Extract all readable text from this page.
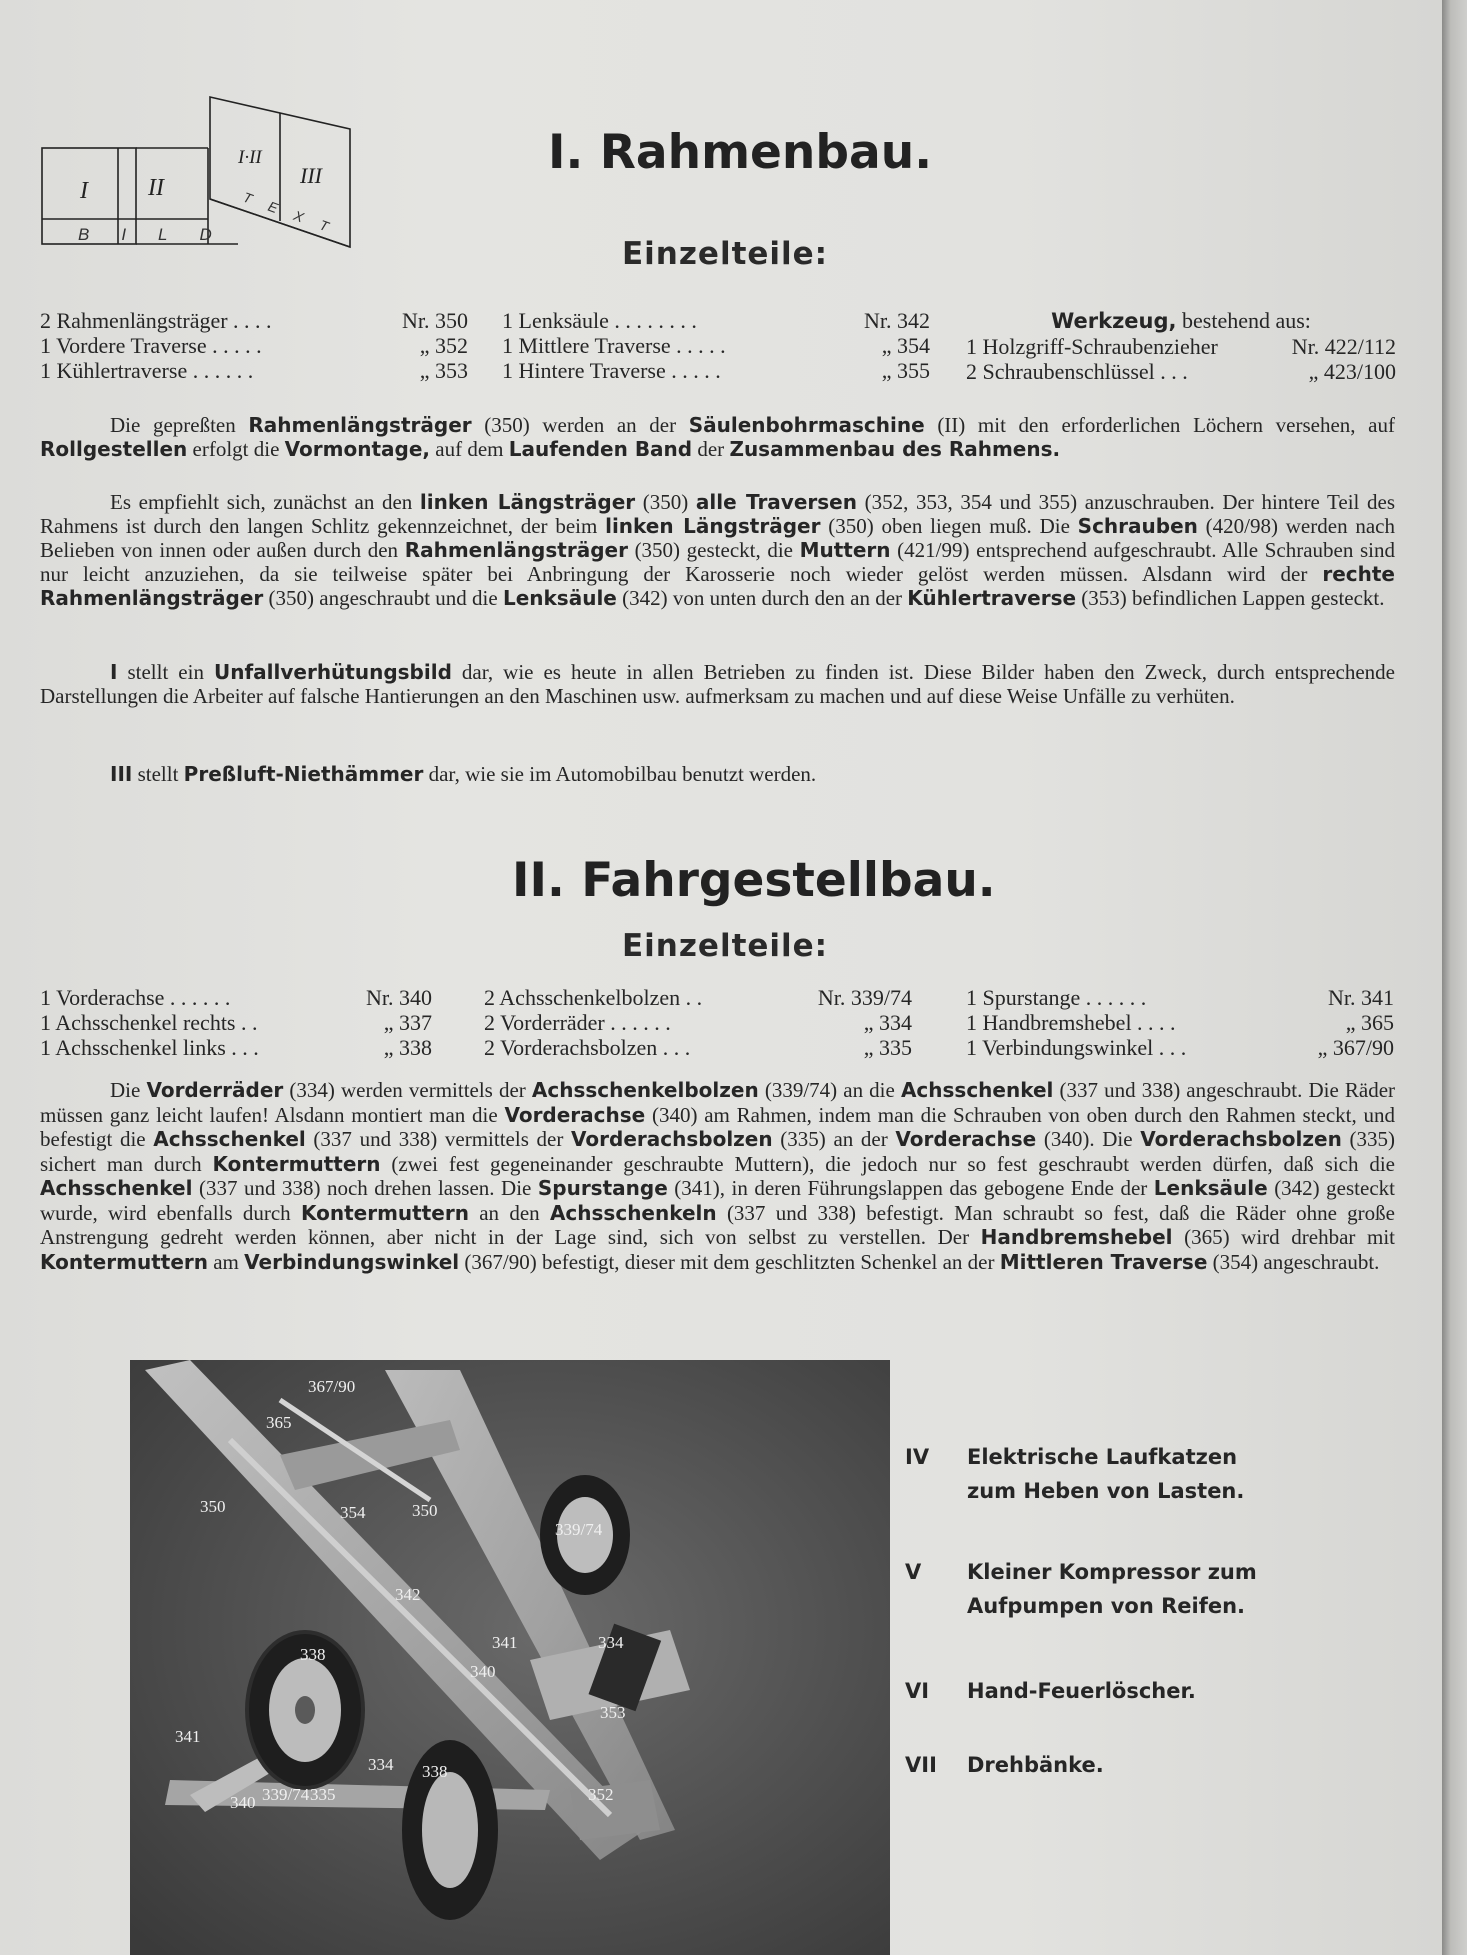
I	II
I·II
III
BILD
TEXT
I. Rahmenbau.
Einzelteile:
2 Rahmenlängsträger . . . .	Nr. 350
1 Vordere Traverse . . . . .	„ 352
1 Kühlertraverse . . . . . .	„ 353
1 Lenksäule . . . . . . . .	Nr. 342
1 Mittlere Traverse . . . . .	„ 354
1 Hintere Traverse . . . . .	„ 355
Werkzeug, bestehend aus:
1 Holzgriff-Schraubenzieher	Nr. 422/112
2 Schraubenschlüssel . . .	„ 423/100
Die gepreßten Rahmenlängsträger (350) werden an der Säulenbohrmaschine (II) mit den erforderlichen Löchern versehen, auf Rollgestellen erfolgt die Vormontage, auf dem Laufenden Band der Zusammenbau des Rahmens.
Es empfiehlt sich, zunächst an den linken Längsträger (350) alle Traversen (352, 353, 354 und 355) anzuschrauben. Der hintere Teil des Rahmens ist durch den langen Schlitz gekennzeichnet, der beim linken Längsträger (350) oben liegen muß. Die Schrauben (420/98) werden nach Belieben von innen oder außen durch den Rahmenlängsträger (350) gesteckt, die Muttern (421/99) entsprechend aufgeschraubt. Alle Schrauben sind nur leicht anzuziehen, da sie teilweise später bei Anbringung der Karosserie noch wieder gelöst werden müssen. Alsdann wird der rechte Rahmenlängsträger (350) angeschraubt und die Lenksäule (342) von unten durch den an der Kühlertraverse (353) befindlichen Lappen gesteckt.
I stellt ein Unfallverhütungsbild dar, wie es heute in allen Betrieben zu finden ist. Diese Bilder haben den Zweck, durch entsprechende Darstellungen die Arbeiter auf falsche Hantierungen an den Maschinen usw. aufmerksam zu machen und auf diese Weise Unfälle zu verhüten.
III stellt Preßluft-Niethämmer dar, wie sie im Automobilbau benutzt werden.
II. Fahrgestellbau.
Einzelteile:
1 Vorderachse . . . . . .	Nr. 340
1 Achsschenkel rechts . .	„ 337
1 Achsschenkel links . . .	„ 338
2 Achsschenkelbolzen . .	Nr. 339/74
2 Vorderräder . . . . . .	„ 334
2 Vorderachsbolzen . . .	„ 335
1 Spurstange . . . . . .	Nr. 341
1 Handbremshebel . . . .	„ 365
1 Verbindungswinkel . . .	„ 367/90
Die Vorderräder (334) werden vermittels der Achsschenkelbolzen (339/74) an die Achsschenkel (337 und 338) angeschraubt. Die Räder müssen ganz leicht laufen! Alsdann montiert man die Vorderachse (340) am Rahmen, indem man die Schrauben von oben durch den Rahmen steckt, und befestigt die Achsschenkel (337 und 338) vermittels der Vorderachsbolzen (335) an der Vorderachse (340). Die Vorderachsbolzen (335) sichert man durch Kontermuttern (zwei fest gegeneinander geschraubte Muttern), die jedoch nur so fest geschraubt werden dürfen, daß sich die Achsschenkel (337 und 338) noch drehen lassen. Die Spurstange (341), in deren Führungslappen das gebogene Ende der Lenksäule (342) gesteckt wurde, wird ebenfalls durch Kontermuttern an den Achsschenkeln (337 und 338) befestigt. Man schraubt so fest, daß die Räder ohne große Anstrengung gedreht werden können, aber nicht in der Lage sind, sich von selbst zu verstellen. Der Handbremshebel (365) wird drehbar mit Kontermuttern am Verbindungswinkel (367/90) befestigt, dieser mit dem geschlitzten Schenkel an der Mittleren Traverse (354) angeschraubt.
367/90
365
350	354	350
339/74
342
341	334
338
340
353
341
334 338
352
340 339/74 335
IV Elektrische Laufkatzen
zum Heben von Lasten.
V Kleiner Kompressor zum
Aufpumpen von Reifen.
VI Hand-Feuerlöscher.
VII Drehbänke.
